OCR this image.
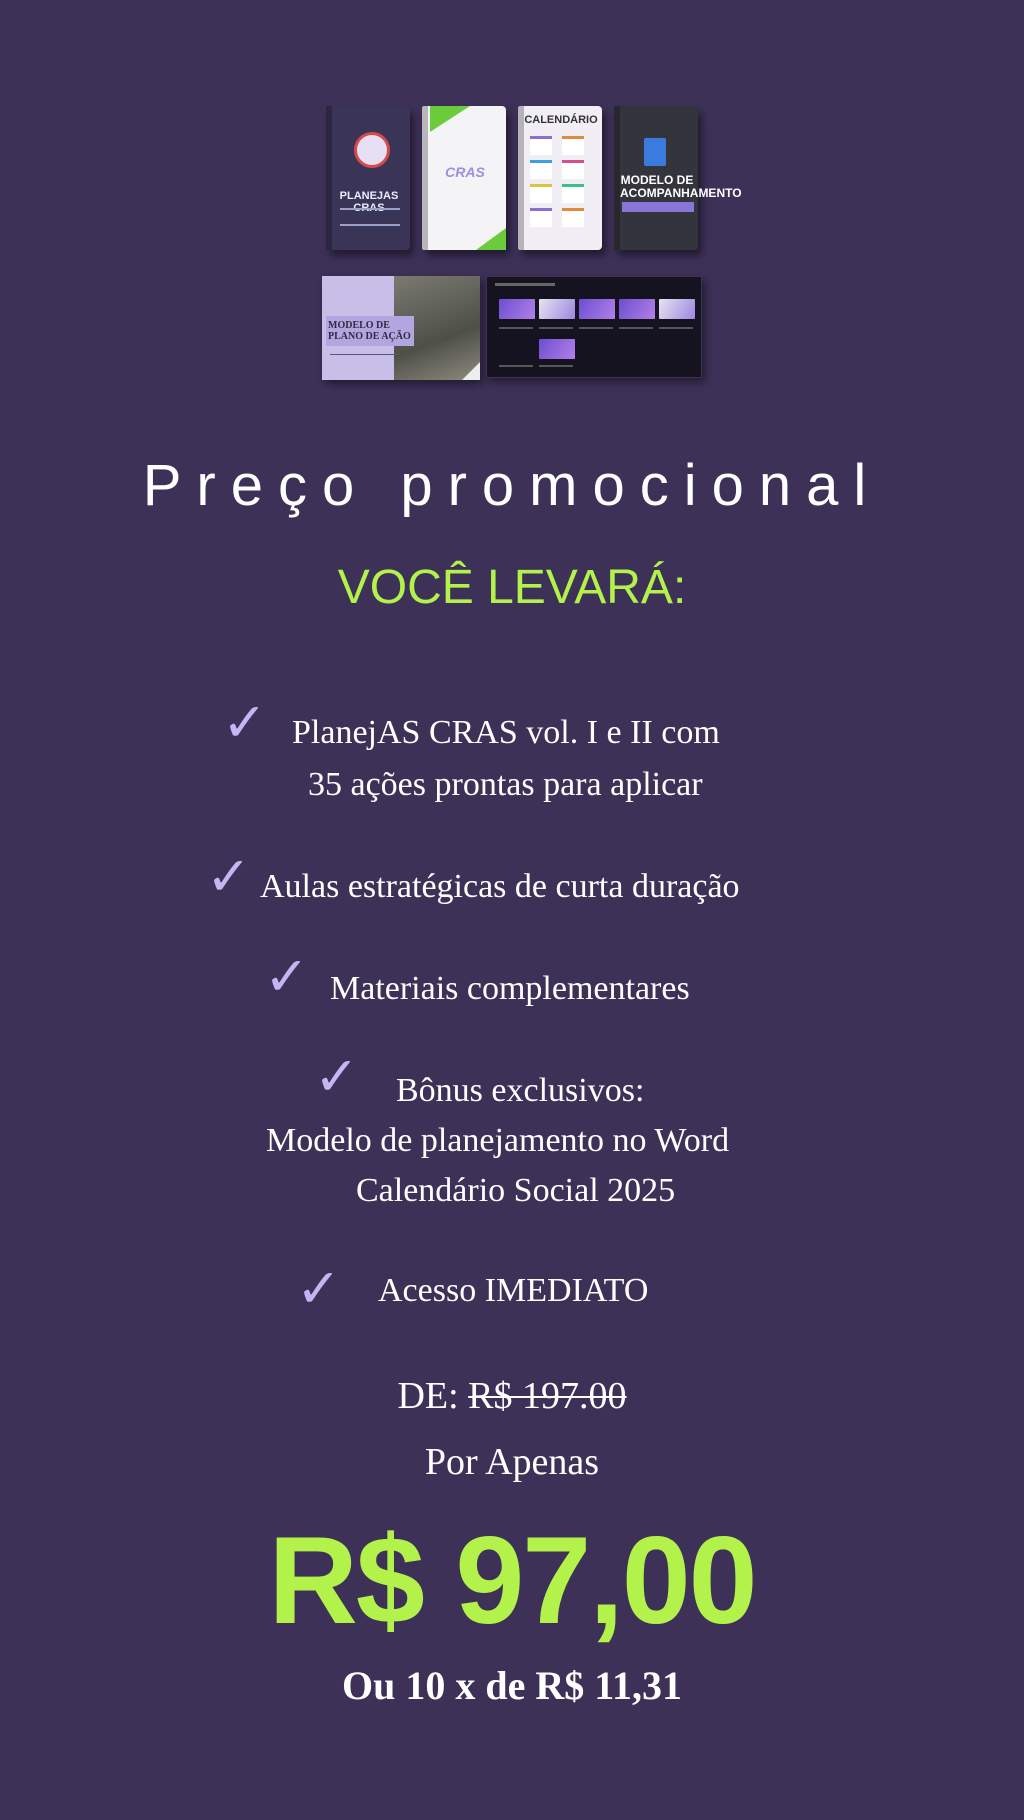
PLANEJAS CRAS
CRAS
CALENDÁRIO
MODELO DE ACOMPANHAMENTO
MODELO DE PLANO DE AÇÃO
Preço promocional
VOCÊ LEVARÁ:
✓ PlanejAS CRAS vol. I e II com
35 ações prontas para aplicar
✓ Aulas estratégicas de curta duração
✓ Materiais complementares
✓ Bônus exclusivos:
Modelo de planejamento no Word
Calendário Social 2025
✓ Acesso IMEDIATO
DE: R$ 197.00
Por Apenas
R$ 97,00
Ou 10 x de R$ 11,31
